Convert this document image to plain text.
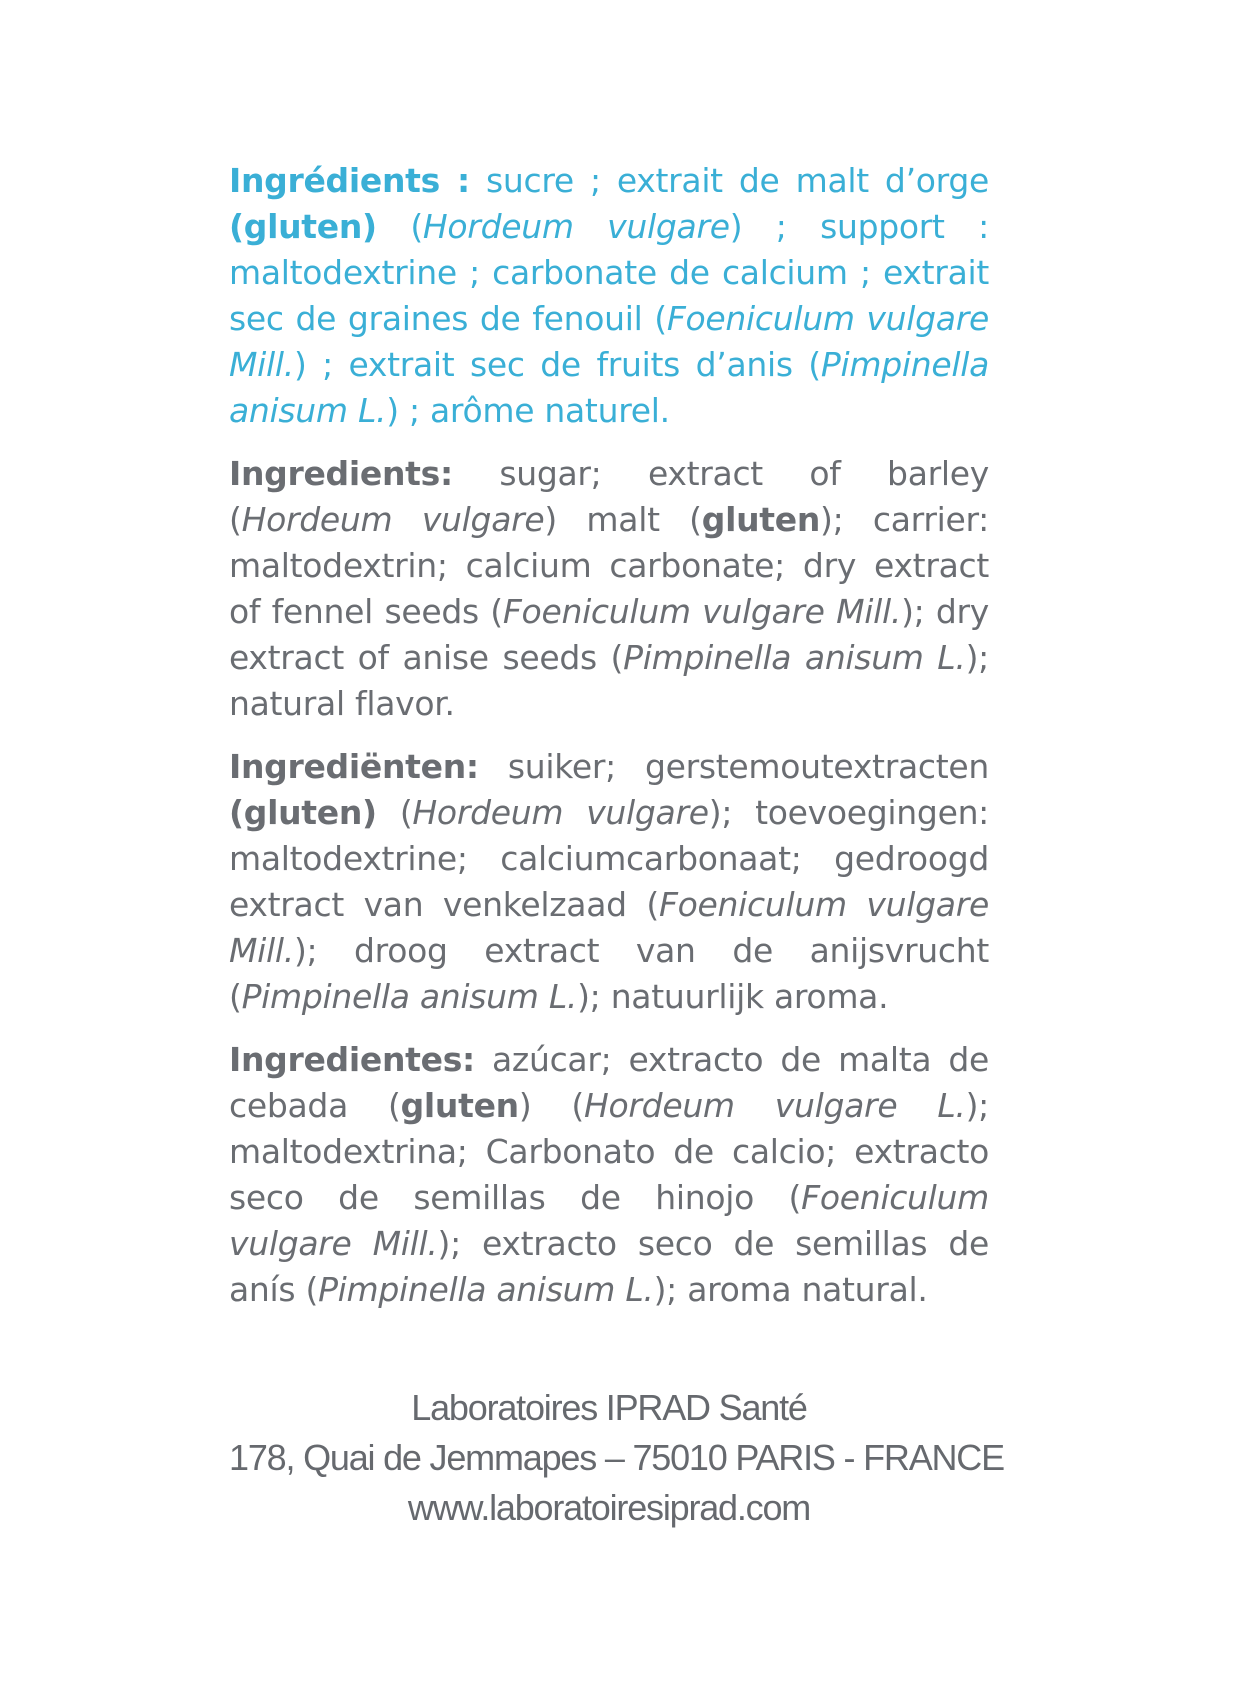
Ingrédients : sucre ; extrait de malt d’orge (gluten) (Hordeum vulgare) ; support : maltodextrine ; carbonate de calcium ; extrait sec de graines de fenouil (Foeniculum vulgare Mill.) ; extrait sec de fruits d’anis (Pimpinella anisum L.) ; arôme naturel.

Ingredients: sugar; extract of barley (Hordeum vulgare) malt (gluten); carrier: maltodextrin; calcium carbonate; dry extract of fennel seeds (Foeniculum vulgare Mill.); dry extract of anise seeds (Pimpinella anisum L.); natural flavor.

Ingrediënten: suiker; gerstemoutextracten (gluten) (Hordeum vulgare); toevoegingen: maltodextrine; calciumcarbonaat; gedroogd extract van venkelzaad (Foeniculum vulgare Mill.); droog extract van de anijsvrucht (Pimpinella anisum L.); natuurlijk aroma.

Ingredientes: azúcar; extracto de malta de cebada (gluten) (Hordeum vulgare L.); maltodextrina; Carbonato de calcio; extracto seco de semillas de hinojo (Foeniculum vulgare Mill.); extracto seco de semillas de anís (Pimpinella anisum L.); aroma natural.

Laboratoires IPRAD Santé
178, Quai de Jemmapes – 75010 PARIS - FRANCE
www.laboratoiresiprad.com
